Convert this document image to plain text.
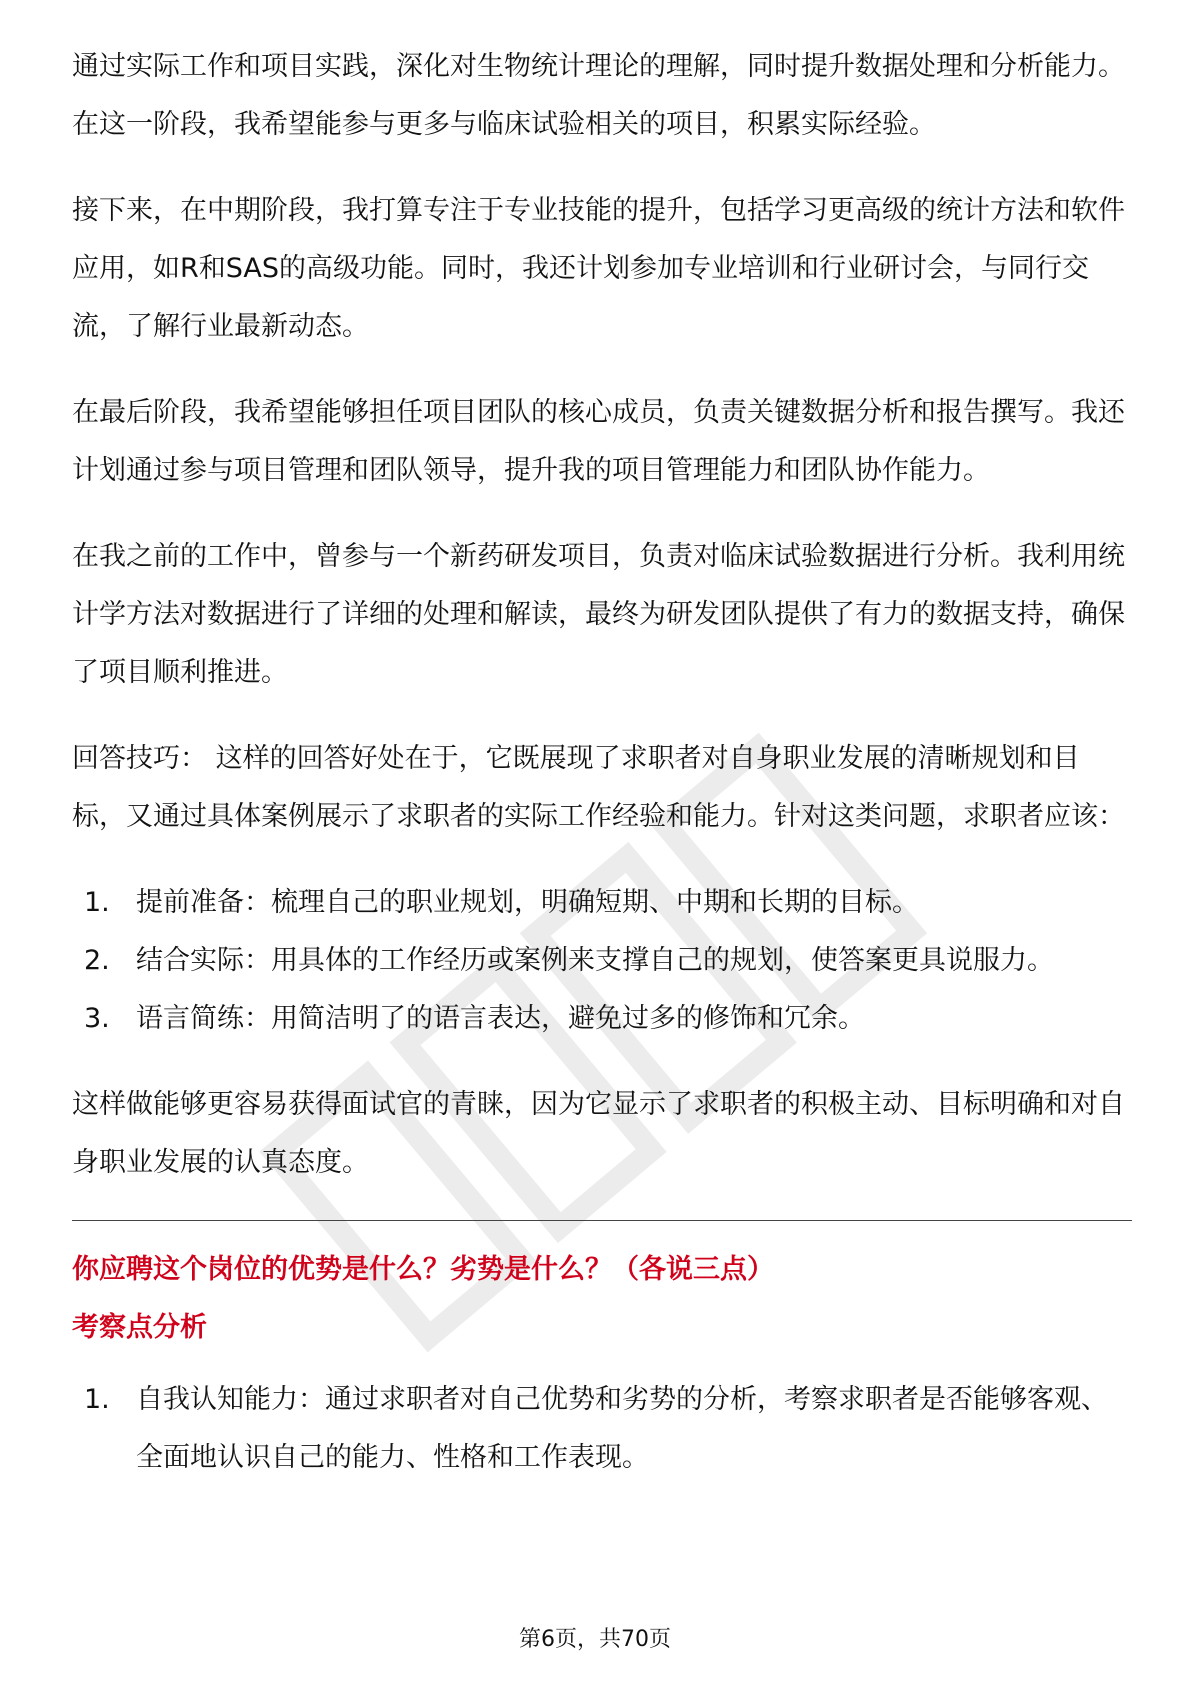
通过实际工作和项目实践，深化对生物统计理论的理解，同时提升数据处理和分析能力。在这一阶段，我希望能参与更多与临床试验相关的项目，积累实际经验。

接下来，在中期阶段，我打算专注于专业技能的提升，包括学习更高级的统计方法和软件应用，如R和SAS的高级功能。同时，我还计划参加专业培训和行业研讨会，与同行交流，了解行业最新动态。

在最后阶段，我希望能够担任项目团队的核心成员，负责关键数据分析和报告撰写。我还计划通过参与项目管理和团队领导，提升我的项目管理能力和团队协作能力。

在我之前的工作中，曾参与一个新药研发项目，负责对临床试验数据进行分析。我利用统计学方法对数据进行了详细的处理和解读，最终为研发团队提供了有力的数据支持，确保了项目顺利推进。

回答技巧： 这样的回答好处在于，它既展现了求职者对自身职业发展的清晰规划和目标，又通过具体案例展示了求职者的实际工作经验和能力。针对这类问题，求职者应该：

1. 提前准备：梳理自己的职业规划，明确短期、中期和长期的目标。
2. 结合实际：用具体的工作经历或案例来支撑自己的规划，使答案更具说服力。
3. 语言简练：用简洁明了的语言表达，避免过多的修饰和冗余。

这样做能够更容易获得面试官的青睐，因为它显示了求职者的积极主动、目标明确和对自身职业发展的认真态度。

你应聘这个岗位的优势是什么？劣势是什么？（各说三点）
考察点分析
1. 自我认知能力：通过求职者对自己优势和劣势的分析，考察求职者是否能够客观、全面地认识自己的能力、性格和工作表现。
第6页，共70页
